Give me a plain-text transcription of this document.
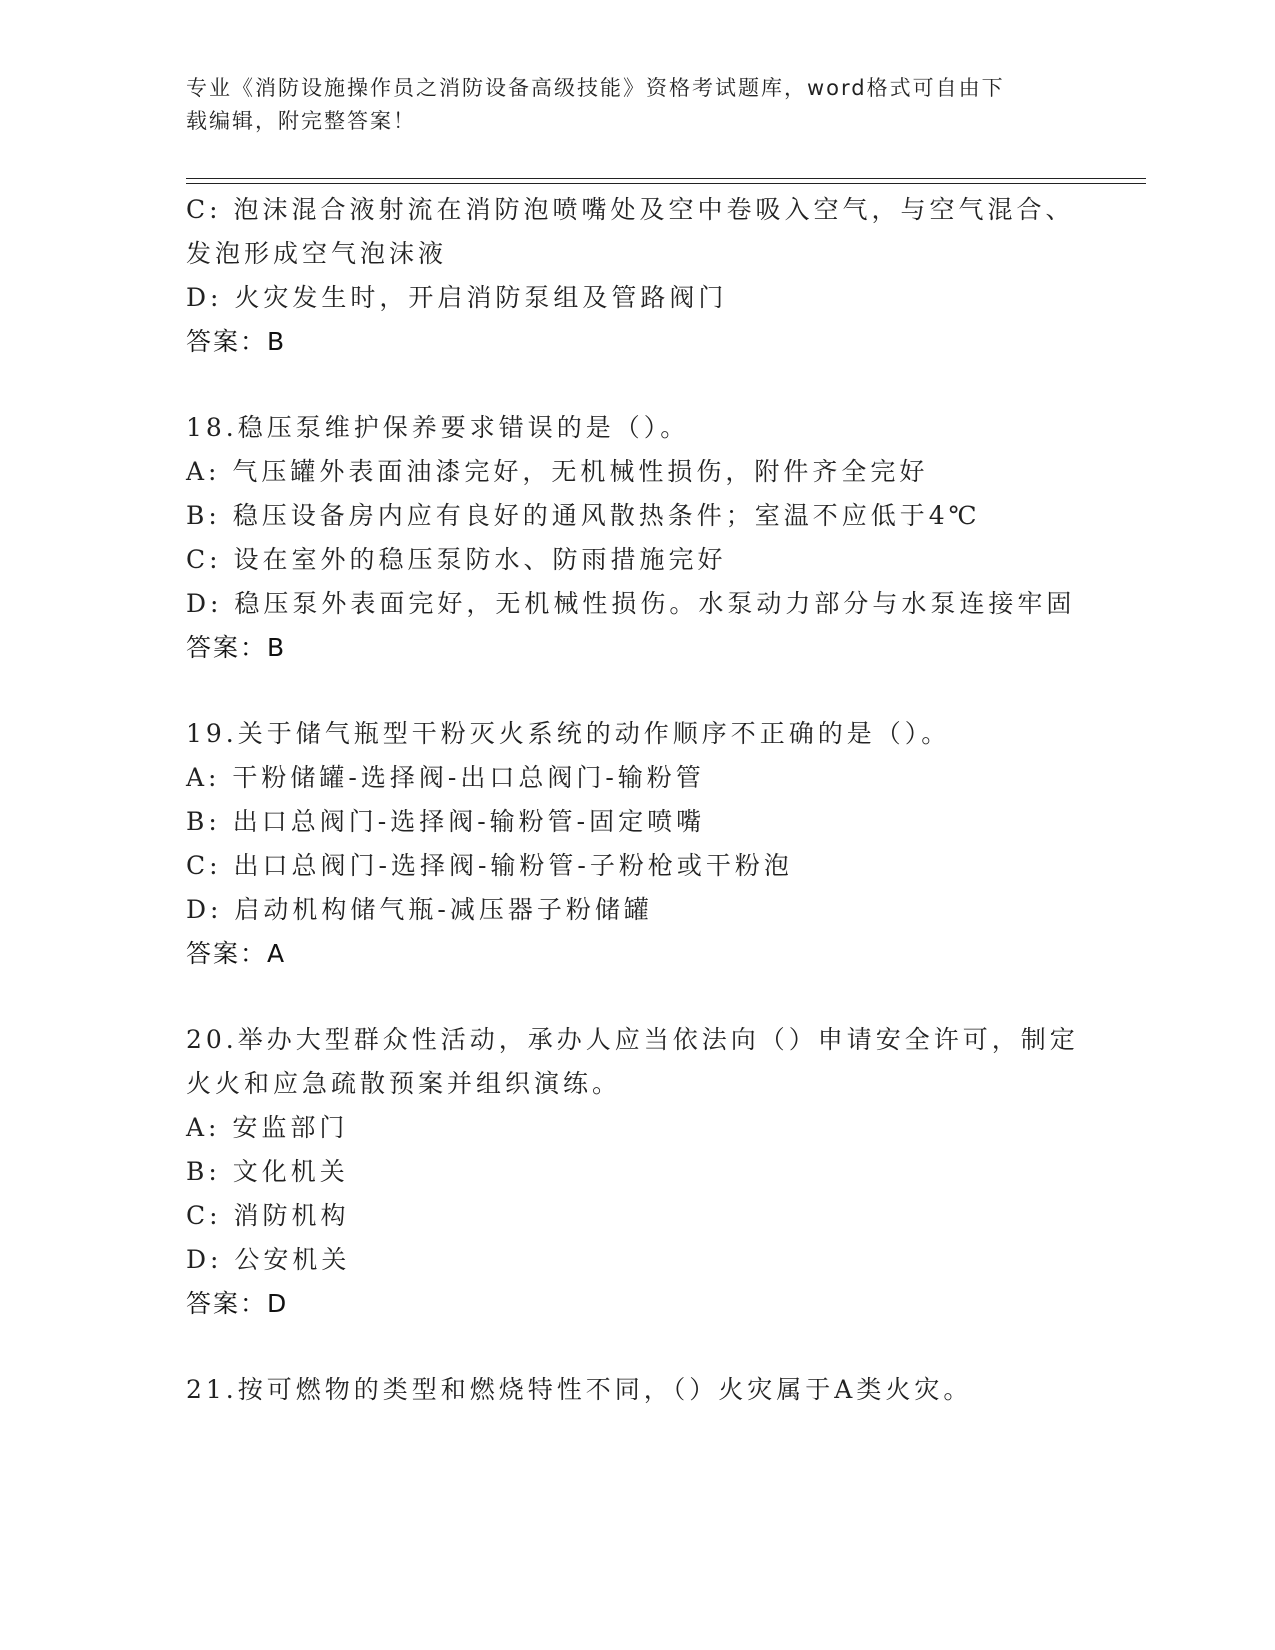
专业《消防设施操作员之消防设备高级技能》资格考试题库，word格式可自由下
载编辑，附完整答案！
C: 泡沫混合液射流在消防泡喷嘴处及空中卷吸入空气，与空气混合、
发泡形成空气泡沫液
D: 火灾发生时，开启消防泵组及管路阀门
答案：B
18.稳压泵维护保养要求错误的是（）。
A: 气压罐外表面油漆完好，无机械性损伤，附件齐全完好
B: 稳压设备房内应有良好的通风散热条件；室温不应低于4℃
C: 设在室外的稳压泵防水、防雨措施完好
D: 稳压泵外表面完好，无机械性损伤。水泵动力部分与水泵连接牢固
答案：B
19.关于储气瓶型干粉灭火系统的动作顺序不正确的是（）。
A: 干粉储罐-选择阀-出口总阀门-输粉管
B: 出口总阀门-选择阀-输粉管-固定喷嘴
C: 出口总阀门-选择阀-输粉管-子粉枪或干粉泡
D: 启动机构储气瓶-减压器子粉储罐
答案：A
20.举办大型群众性活动，承办人应当依法向（）申请安全许可，制定
火火和应急疏散预案并组织演练。
A: 安监部门
B: 文化机关
C: 消防机构
D: 公安机关
答案：D
21.按可燃物的类型和燃烧特性不同，（）火灾属于A类火灾。
